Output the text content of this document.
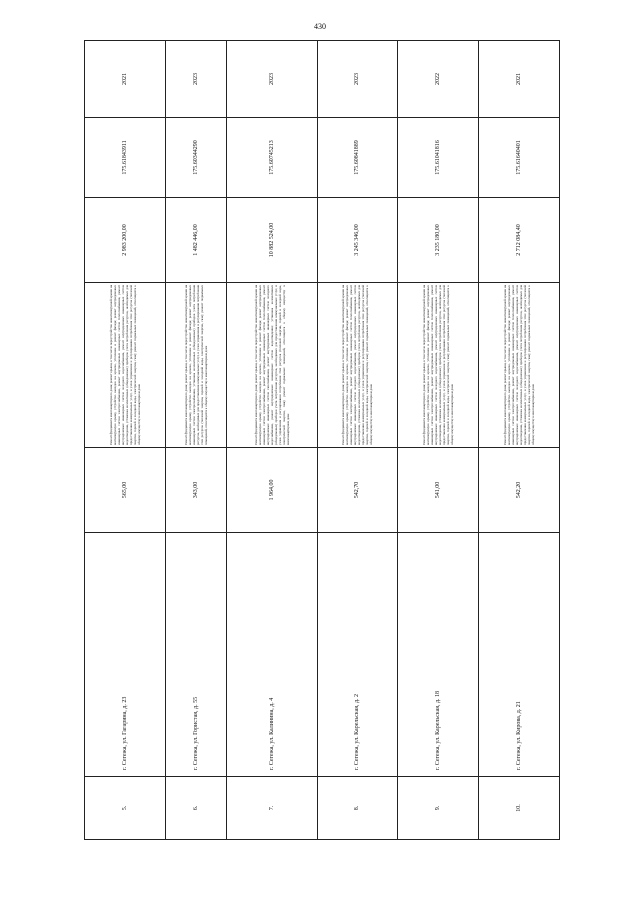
430
5.	г. Сегежа, ул. Гагарина, д. 23	565,00	Ремонт фундамента многоквартирного дома; ремонт крыши, в том числе переустройство невентилируемой крыши на вентилируемую крышу, устройство выходов на кровлю, утепление и ремонт фасада; ремонт внутридомовых инженерных систем электроснабжения, ремонт внутридомовых инженерных систем теплоснабжения, ремонт внутридомовых инженерных систем холодного водоснабжения, ремонт внутридомовых инженерных систем водоотведения, установка коллективных (общедомовых) приборов учета потребления ресурсов, необходимых для предоставления коммунальных услуг, и узлов управления и регулирования потребления этих ресурсов (тепловой энергии, горячей и холодной воды, электрической энергии, газа); ремонт подвальных помещений, относящихся к общему имуществу в многоквартирном доме	2 983 200,00	175.61843911	2021
6.	г. Сегежа, ул. Гористая, д. 55	343,00	Ремонт фундамента многоквартирного дома; ремонт крыши, в том числе переустройство невентилируемой крыши на вентилируемую крышу, устройство выходов на кровлю, утепление и ремонт фасада; ремонт внутридомовых инженерных систем электроснабжения, установка коллективных (общедомовых) приборов учета потребления ресурсов, необходимых для предоставления коммунальных услуг, и узлов управления и регулирования потребления этих ресурсов (тепловой энергии, горячей и холодной воды, электрической энергии, газа); ремонт подвальных помещений, относящихся к общему имуществу в многоквартирном доме	1 482 446,00	175.60344290	2023
7.	г. Сегежа, ул. Калинина, д. 4	1 964,00	Ремонт фундамента многоквартирного дома; ремонт крыши, в том числе переустройство невентилируемой крыши на вентилируемую крышу, устройство выходов на кровлю, утепление и ремонт фасада; ремонт внутридомовых инженерных систем электроснабжения, ремонт внутридомовых инженерных систем теплоснабжения, ремонт внутридомовых инженерных систем газоснабжения, ремонт внутридомовых инженерных систем холодного водоснабжения, ремонт внутридомовых инженерных систем водоотведения; установка коллективных (общедомовых) приборов учета потребления ресурсов, необходимых для предоставления коммунальных услуг, и узлов управления и регулирования потребления этих ресурсов (тепловой энергии, горячей и холодной воды, электрической энергии, газа); ремонт подвальных помещений, относящихся к общему имуществу в многоквартирном доме	10 882 524,00	175.60745213	2023
8.	г. Сегежа, ул. Карельская, д. 2	542,70	Ремонт фундамента многоквартирного дома; ремонт крыши, в том числе переустройство невентилируемой крыши на вентилируемую крышу, устройство выходов на кровлю, утепление и ремонт фасада; ремонт внутридомовых инженерных систем электроснабжения, ремонт внутридомовых инженерных систем теплоснабжения, ремонт внутридомовых инженерных систем холодного водоснабжения, ремонт внутридомовых инженерных систем водоотведения, установка коллективных (общедомовых) приборов учета потребления ресурсов, необходимых для предоставления коммунальных услуг, и узлов управления и регулирования потребления этих ресурсов (тепловой энергии, горячей и холодной воды, электрической энергии, газа); ремонт подвальных помещений, относящихся к общему имуществу в многоквартирном доме	3 245 346,00	175.60841889	2023
9.	г. Сегежа, ул. Карельская, д. 18	541,00	Ремонт фундамента многоквартирного дома; ремонт крыши, в том числе переустройство невентилируемой крыши на вентилируемую крышу, устройство выходов на кровлю, утепление и ремонт фасада; ремонт внутридомовых инженерных систем электроснабжения, ремонт внутридомовых инженерных систем теплоснабжения, ремонт внутридомовых инженерных систем холодного водоснабжения, ремонт внутридомовых инженерных систем водоотведения, установка коллективных (общедомовых) приборов учета потребления ресурсов, необходимых для предоставления коммунальных услуг, и узлов управления и регулирования потребления этих ресурсов (тепловой энергии, горячей и холодной воды, электрической энергии, газа); ремонт подвальных помещений, относящихся к общему имуществу в многоквартирном доме	3 235 180,00	175.61041816	2022
10.	г. Сегежа, ул. Кирова, д. 21	542,20	Ремонт фундамента многоквартирного дома; ремонт крыши, в том числе переустройство невентилируемой крыши на вентилируемую крышу, устройство выходов на кровлю, утепление и ремонт фасада; ремонт внутридомовых инженерных систем электроснабжения, ремонт внутридомовых инженерных систем теплоснабжения, ремонт внутридомовых инженерных систем холодного водоснабжения, ремонт внутридомовых инженерных систем водоотведения, установка коллективных (общедомовых) приборов учета потребления ресурсов, необходимых для предоставления коммунальных услуг, и узлов управления и регулирования потребления этих ресурсов (тепловой энергии, горячей и холодной воды, электрической энергии, газа); ремонт подвальных помещений, относящихся к общему имуществу в многоквартирном доме	2 712 084,40	175.61640401	2021
